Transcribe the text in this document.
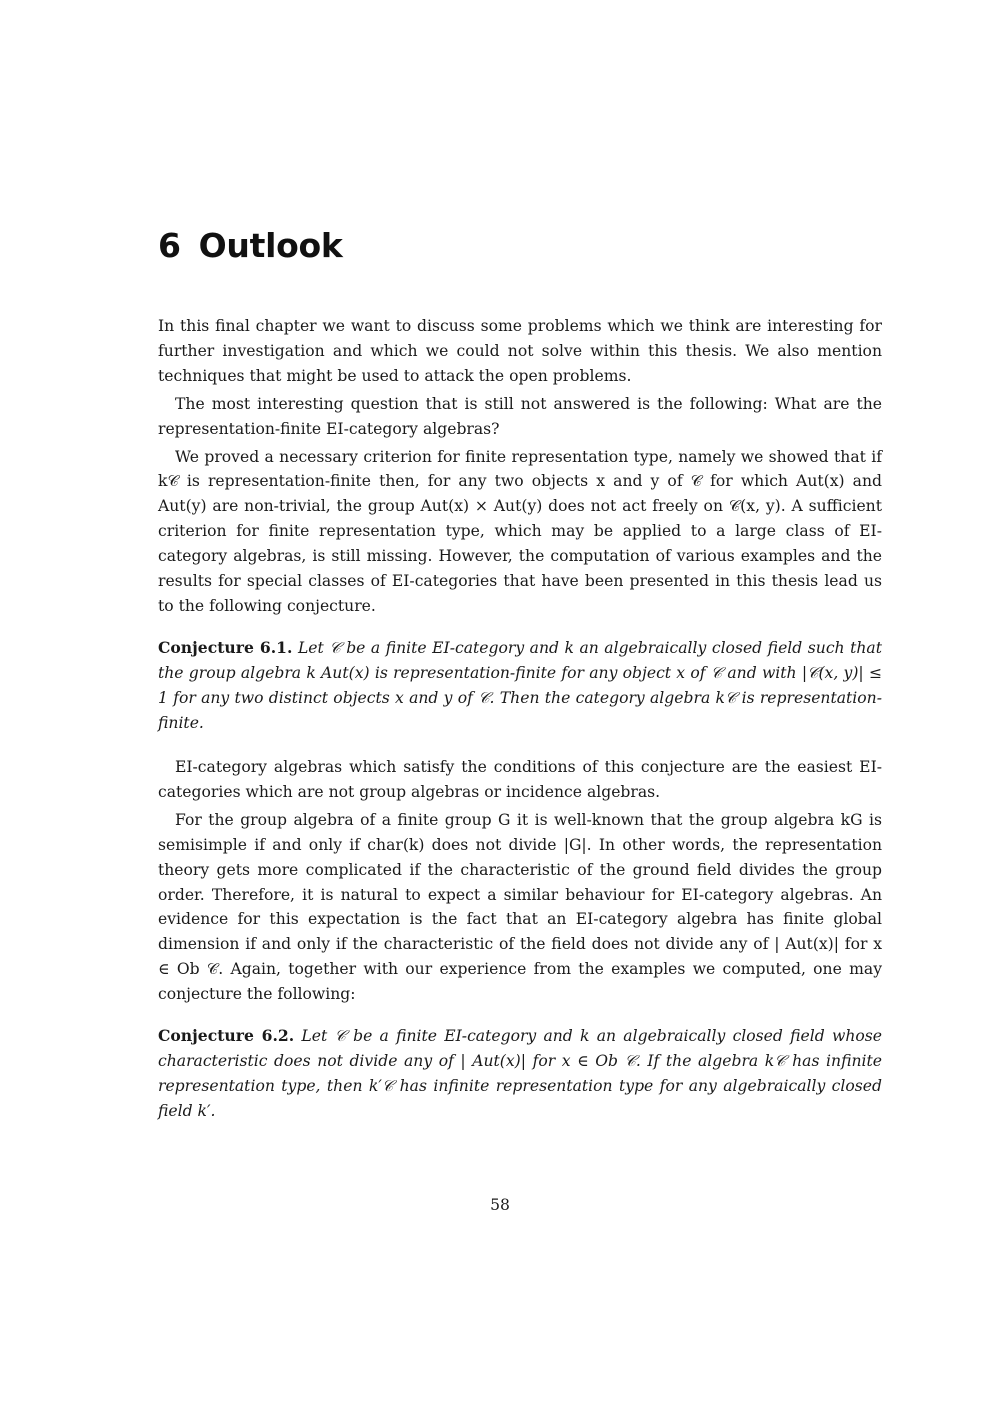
6 Outlook

In this final chapter we want to discuss some problems which we think are interesting for further investigation and which we could not solve within this thesis. We also mention techniques that might be used to attack the open problems.

The most interesting question that is still not answered is the following: What are the representation-finite EI-category algebras?

We proved a necessary criterion for finite representation type, namely we showed that if k𝒞 is representation-finite then, for any two objects x and y of 𝒞 for which Aut(x) and Aut(y) are non-trivial, the group Aut(x) × Aut(y) does not act freely on 𝒞(x, y). A sufficient criterion for finite representation type, which may be applied to a large class of EI-category algebras, is still missing. However, the computation of various examples and the results for special classes of EI-categories that have been presented in this thesis lead us to the following conjecture.

Conjecture 6.1. Let 𝒞 be a finite EI-category and k an algebraically closed field such that the group algebra k Aut(x) is representation-finite for any object x of 𝒞 and with |𝒞(x, y)| ≤ 1 for any two distinct objects x and y of 𝒞. Then the category algebra k𝒞 is representation-finite.

EI-category algebras which satisfy the conditions of this conjecture are the easiest EI-categories which are not group algebras or incidence algebras.

For the group algebra of a finite group G it is well-known that the group algebra kG is semisimple if and only if char(k) does not divide |G|. In other words, the representation theory gets more complicated if the characteristic of the ground field divides the group order. Therefore, it is natural to expect a similar behaviour for EI-category algebras. An evidence for this expectation is the fact that an EI-category algebra has finite global dimension if and only if the characteristic of the field does not divide any of | Aut(x)| for x ∈ Ob 𝒞. Again, together with our experience from the examples we computed, one may conjecture the following:

Conjecture 6.2. Let 𝒞 be a finite EI-category and k an algebraically closed field whose characteristic does not divide any of | Aut(x)| for x ∈ Ob 𝒞. If the algebra k𝒞 has infinite representation type, then k′𝒞 has infinite representation type for any algebraically closed field k′.

58
